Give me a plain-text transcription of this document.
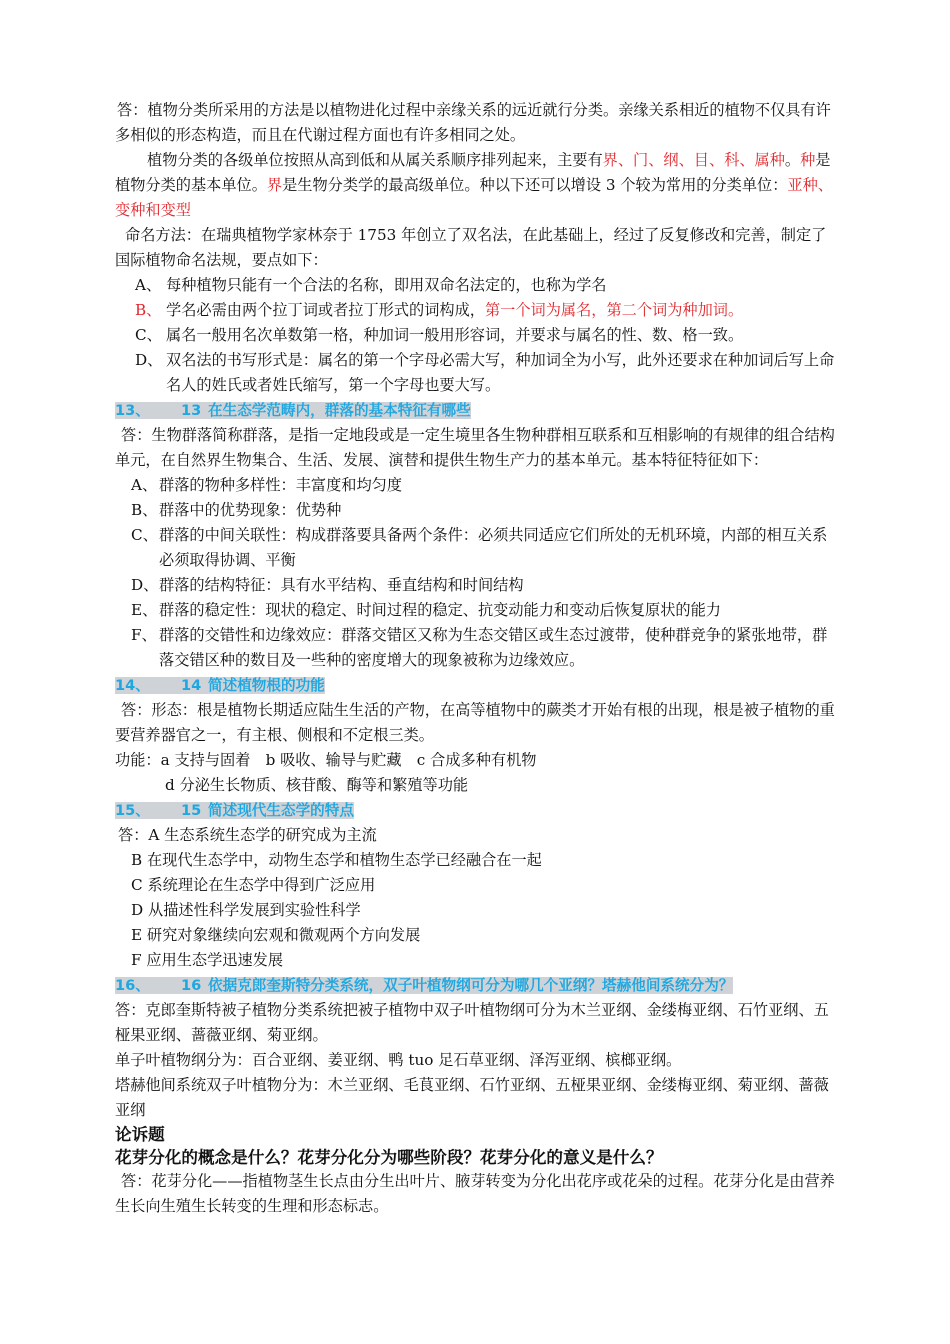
答：植物分类所采用的方法是以植物进化过程中亲缘关系的远近就行分类。亲缘关系相近的植物不仅具有许多相似的形态构造，而且在代谢过程方面也有许多相同之处。

植物分类的各级单位按照从高到低和从属关系顺序排列起来，主要有界、门、纲、目、科、属种。种是植物分类的基本单位。界是生物分类学的最高级单位。种以下还可以增设 3 个较为常用的分类单位：亚种、变种和变型

命名方法：在瑞典植物学家林奈于 1753 年创立了双名法，在此基础上，经过了反复修改和完善，制定了国际植物命名法规，要点如下：

A、 每种植物只能有一个合法的名称，即用双命名法定的，也称为学名
B、 学名必需由两个拉丁词或者拉丁形式的词构成，第一个词为属名，第二个词为种加词。
C、 属名一般用名次单数第一格，种加词一般用形容词，并要求与属名的性、数、格一致。
D、 双名法的书写形式是：属名的第一个字母必需大写，种加词全为小写，此外还要求在种加词后写上命名人的姓氏或者姓氏缩写，第一个字母也要大写。

13、 13 在生态学范畴内，群落的基本特征有哪些

答：生物群落简称群落，是指一定地段或是一定生境里各生物种群相互联系和互相影响的有规律的组合结构单元，在自然界生物集合、生活、发展、演替和提供生物生产力的基本单元。基本特征特征如下：

A、 群落的物种多样性：丰富度和均匀度
B、 群落中的优势现象：优势种
C、 群落的中间关联性：构成群落要具备两个条件：必须共同适应它们所处的无机环境，内部的相互关系必须取得协调、平衡
D、 群落的结构特征：具有水平结构、垂直结构和时间结构
E、 群落的稳定性：现状的稳定、时间过程的稳定、抗变动能力和变动后恢复原状的能力
F、 群落的交错性和边缘效应：群落交错区又称为生态交错区或生态过渡带，使种群竞争的紧张地带，群落交错区种的数目及一些种的密度增大的现象被称为边缘效应。

14、 14 简述植物根的功能

答：形态：根是植物长期适应陆生生活的产物，在高等植物中的蕨类才开始有根的出现，根是被子植物的重要营养器官之一，有主根、侧根和不定根三类。

功能：a 支持与固着　b 吸收、输导与贮藏　c 合成多种有机物

d 分泌生长物质、核苷酸、酶等和繁殖等功能

15、 15 简述现代生态学的特点

答：A 生态系统生态学的研究成为主流

B 在现代生态学中，动物生态学和植物生态学已经融合在一起

C 系统理论在生态学中得到广泛应用

D 从描述性科学发展到实验性科学

E 研究对象继续向宏观和微观两个方向发展

F 应用生态学迅速发展

16、 16 依据克郎奎斯特分类系统，双子叶植物纲可分为哪几个亚纲？塔赫他间系统分为？

答：克郎奎斯特被子植物分类系统把被子植物中双子叶植物纲可分为木兰亚纲、金缕梅亚纲、石竹亚纲、五桠果亚纲、蔷薇亚纲、菊亚纲。

单子叶植物纲分为：百合亚纲、姜亚纲、鸭 tuo 足石草亚纲、泽泻亚纲、槟榔亚纲。

塔赫他间系统双子叶植物分为：木兰亚纲、毛茛亚纲、石竹亚纲、五桠果亚纲、金缕梅亚纲、菊亚纲、蔷薇亚纲

论诉题

花芽分化的概念是什么？花芽分化分为哪些阶段？花芽分化的意义是什么？

答：花芽分化——指植物茎生长点由分生出叶片、腋芽转变为分化出花序或花朵的过程。花芽分化是由营养生长向生殖生长转变的生理和形态标志。
